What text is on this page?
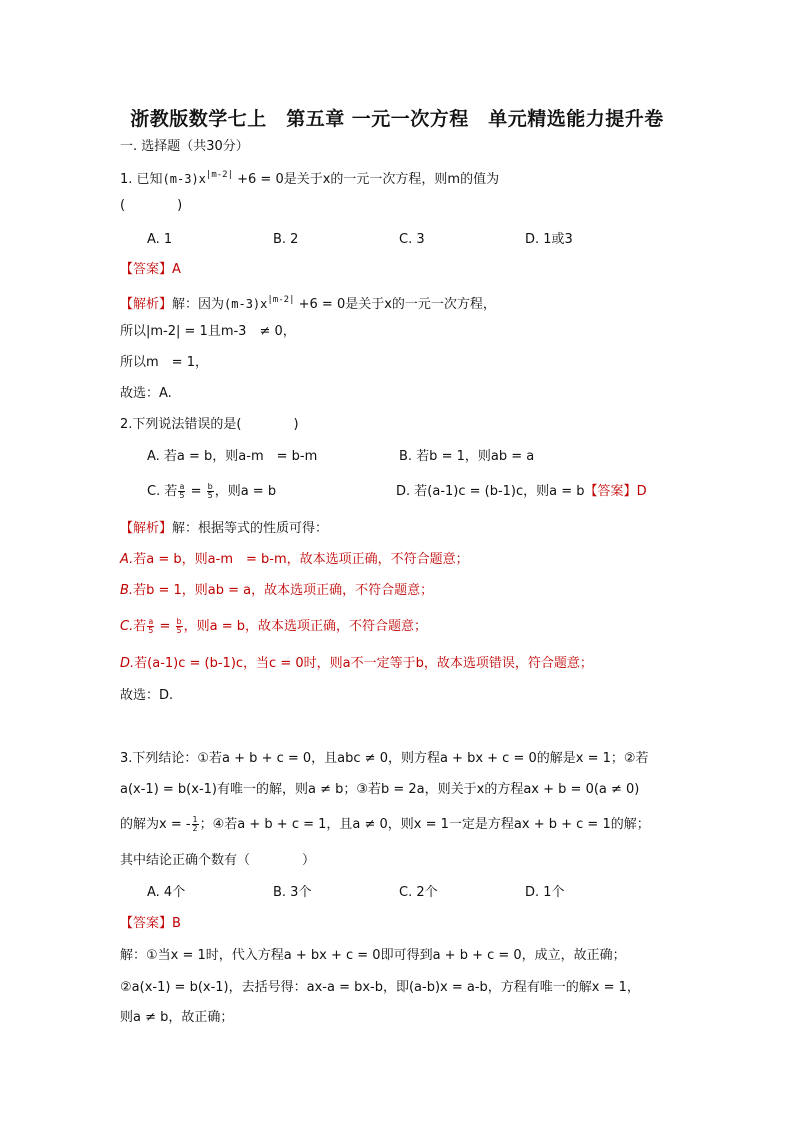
浙教版数学七上　第五章 一元一次方程　单元精选能力提升卷
一. 选择题（共30分）
1. 已知$(m-3)x^{|m-2|} +6 = 0$是关于x的一元一次方程，则m的值为
(　　　　)
A. 1	B. 2	C. 3	D. 1或3
【答案】A
【解析】解：因为$(m-3)x^{|m-2|} +6 = 0$是关于x的一元一次方程，
所以|m-2| = 1且m-3　≠ 0，
所以m　= 1，
故选：A.
2.下列说法错误的是(　　　　)
A. 若a = b，则a-m　= b-m	B. 若b = 1，则ab = a
C. 若 $\frac{a}{5} = \frac{b}{5}$ ，则a = b	D. 若(a-1)c = (b-1)c，则a = b【答案】D
【解析】解：根据等式的性质可得：
A.若a = b，则a-m　= b-m，故本选项正确，不符合题意；
B.若b = 1，则ab = a，故本选项正确，不符合题意；
C.若 $\frac{a}{5} = \frac{b}{5}$ ，则a = b，故本选项正确，不符合题意；
D.若(a-1)c = (b-1)c，当c = 0时，则a不一定等于b，故本选项错误，符合题意；
故选：D.
3.下列结论：①若a + b + c = 0，且abc ≠ 0，则方程a + bx + c = 0的解是x = 1；②若
a(x-1) = b(x-1)有唯一的解，则a ≠ b；③若b = 2a，则关于x的方程ax + b = 0(a ≠ 0)
的解为x = - $\frac{1}{2}$ ；④若a + b + c = 1，且a ≠ 0，则x = 1一定是方程ax + b + c = 1的解；
其中结论正确个数有（　　　　）
A. 4个	B. 3个	C. 2个	D. 1个
【答案】B
解：①当x = 1时，代入方程a + bx + c = 0即可得到a + b + c = 0，成立，故正确；
②a(x-1) = b(x-1)，去括号得：ax-a = bx-b，即(a-b)x = a-b，方程有唯一的解x = 1，
则a ≠ b，故正确；
